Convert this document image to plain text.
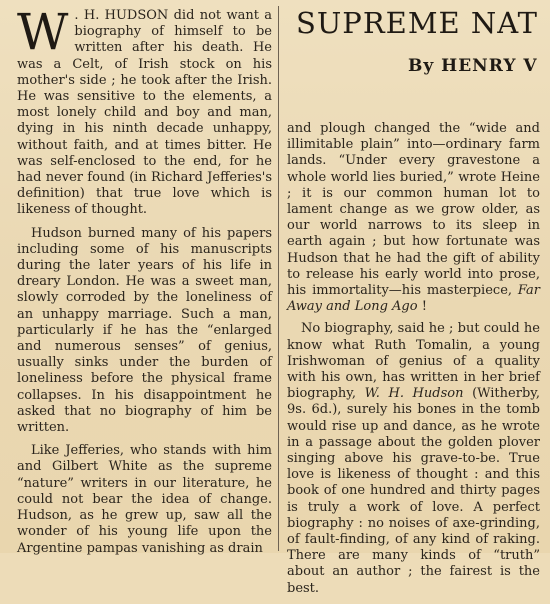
SUPREME NAT
By HENRY V

W . H. HUDSON did not want a biography of himself to be written after his death. He was a Celt, of Irish stock on his mother's side ; he took after the Irish. He was sensitive to the elements, a most lonely child and boy and man, dying in his ninth decade unhappy, without faith, and at times bitter. He was self-enclosed to the end, for he had never found (in Richard Jefferies's definition) that true love which is likeness of thought.

Hudson burned many of his papers including some of his manuscripts during the later years of his life in dreary London. He was a sweet man, slowly corroded by the loneliness of an unhappy marriage. Such a man, particularly if he has the “enlarged and numerous senses” of genius, usually sinks under the burden of loneliness before the physical frame collapses. In his disappointment he asked that no biography of him be written.

Like Jefferies, who stands with him and Gilbert White as the supreme “nature” writers in our literature, he could not bear the idea of change. Hudson, as he grew up, saw all the wonder of his young life upon the Argentine pampas vanishing as drain

and plough changed the “wide and illimitable plain” into—ordinary farm lands. “Under every gravestone a whole world lies buried,” wrote Heine ; it is our common human lot to lament change as we grow older, as our world narrows to its sleep in earth again ; but how fortunate was Hudson that he had the gift of ability to release his early world into prose, his immortality—his masterpiece, Far Away and Long Ago !

No biography, said he ; but could he know what Ruth Tomalin, a young Irishwoman of genius of a quality with his own, has written in her brief biography, W. H. Hudson (Witherby, 9s. 6d.), surely his bones in the tomb would rise up and dance, as he wrote in a passage about the golden plover singing above his grave-to-be. True love is likeness of thought : and this book of one hundred and thirty pages is truly a work of love. A perfect biography : no noises of axe-grinding, of fault-finding, of any kind of raking. There are many kinds of “truth” about an author ; the fairest is the best.
